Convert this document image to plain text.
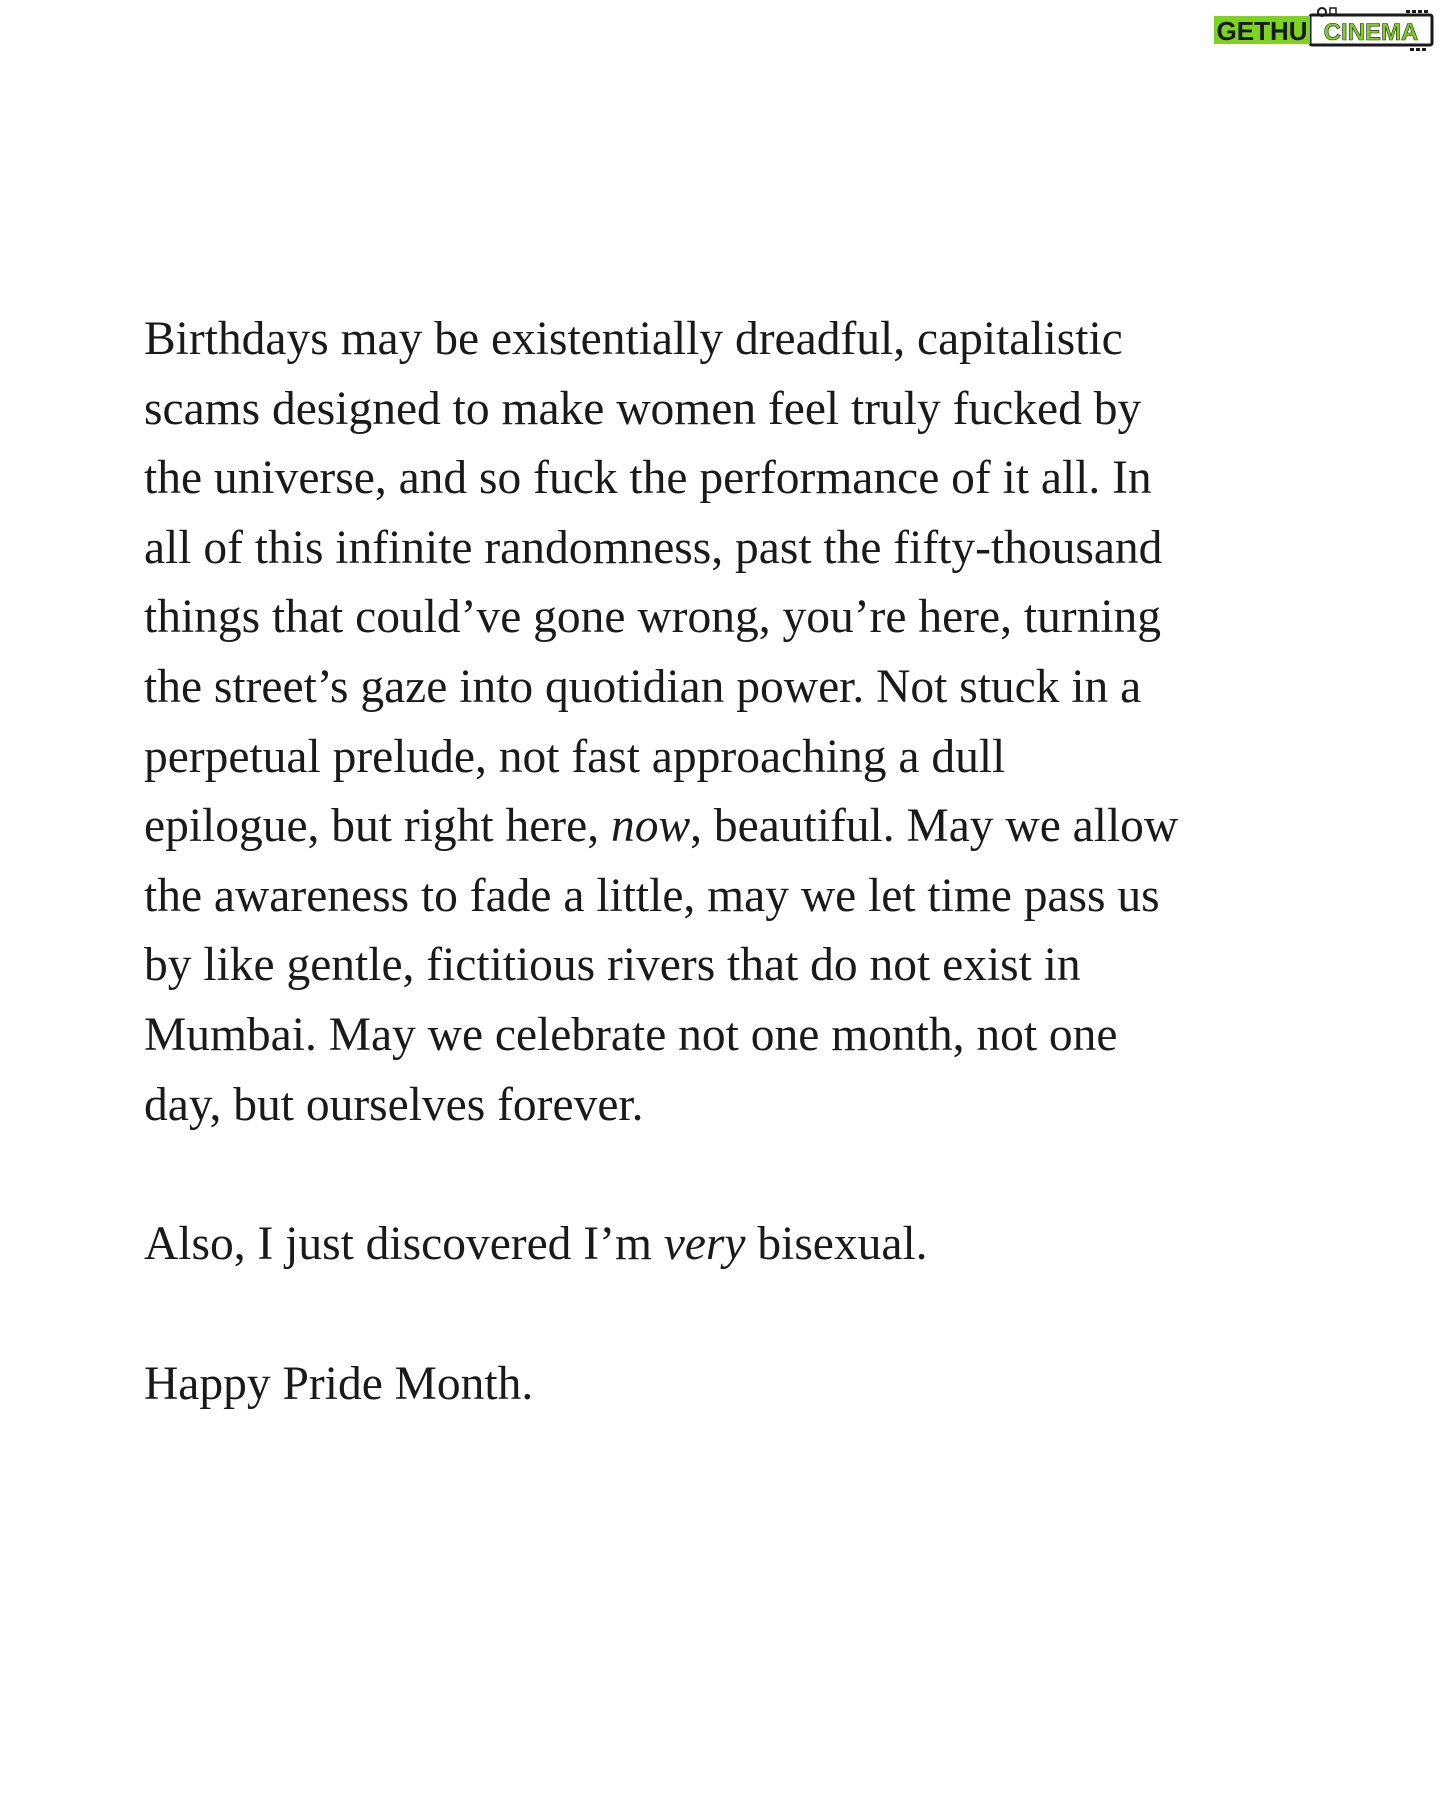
GETHU CINEMA

Birthdays may be existentially dreadful, capitalistic
scams designed to make women feel truly fucked by
the universe, and so fuck the performance of it all. In
all of this infinite randomness, past the fifty-thousand
things that could’ve gone wrong, you’re here, turning
the street’s gaze into quotidian power. Not stuck in a
perpetual prelude, not fast approaching a dull
epilogue, but right here, now, beautiful. May we allow
the awareness to fade a little, may we let time pass us
by like gentle, fictitious rivers that do not exist in
Mumbai. May we celebrate not one month, not one
day, but ourselves forever.

Also, I just discovered I’m very bisexual.

Happy Pride Month.
